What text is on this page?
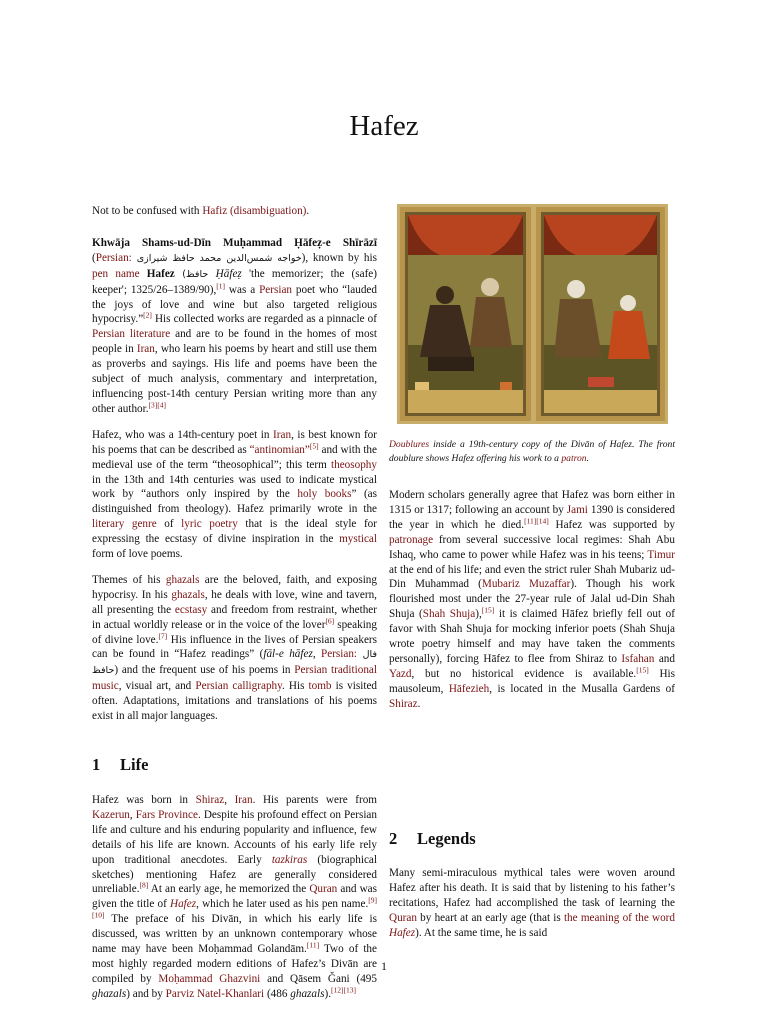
Hafez

Not to be confused with Hafiz (disambiguation).

Khwāja Shams-ud-Dīn Muḥammad Ḥāfeẓ-e Shīrāzī (Persian: خواجه شمس‌الدین محمد حافظ شیرازی), known by his pen name Hafez (حافظ Ḥāfeẓ 'the memorizer; the (safe) keeper'; 1325/26–1389/90),[1] was a Persian poet who “lauded the joys of love and wine but also targeted religious hypocrisy.”[2] His collected works are regarded as a pinnacle of Persian literature and are to be found in the homes of most people in Iran, who learn his poems by heart and still use them as proverbs and sayings. His life and poems have been the subject of much analysis, commentary and interpretation, influencing post-14th century Persian writing more than any other author.[3][4]

Hafez, who was a 14th-century poet in Iran, is best known for his poems that can be described as “antinomian”[5] and with the medieval use of the term “theosophical”; this term theosophy in the 13th and 14th centuries was used to indicate mystical work by “authors only inspired by the holy books” (as distinguished from theology). Hafez primarily wrote in the literary genre of lyric poetry that is the ideal style for expressing the ecstasy of divine inspiration in the mystical form of love poems.

Themes of his ghazals are the beloved, faith, and exposing hypocrisy. In his ghazals, he deals with love, wine and tavern, all presenting the ecstasy and freedom from restraint, whether in actual worldly release or in the voice of the lover[6] speaking of divine love.[7] His influence in the lives of Persian speakers can be found in “Hafez readings” (fāl-e hāfez, Persian: فال حافظ) and the frequent use of his poems in Persian traditional music, visual art, and Persian calligraphy. His tomb is visited often. Adaptations, imitations and translations of his poems exist in all major languages.

1 Life

Hafez was born in Shiraz, Iran. His parents were from Kazerun, Fars Province. Despite his profound effect on Persian life and culture and his enduring popularity and influence, few details of his life are known. Accounts of his early life rely upon traditional anecdotes. Early tazkiras (biographical sketches) mentioning Hafez are generally considered unreliable.[8] At an early age, he memorized the Quran and was given the title of Hafez, which he later used as his pen name.[9][10] The preface of his Divān, in which his early life is discussed, was written by an unknown contemporary whose name may have been Moḥammad Golandām.[11] Two of the most highly regarded modern editions of Hafez’s Divān are compiled by Moḥammad Ghazvini and Qāsem Ǧani (495 ghazals) and by Parviz Natel-Khanlari (486 ghazals).[12][13]

Doublures inside a 19th-century copy of the Divān of Hafez. The front doublure shows Hafez offering his work to a patron.

Modern scholars generally agree that Hafez was born either in 1315 or 1317; following an account by Jami 1390 is considered the year in which he died.[11][14] Hafez was supported by patronage from several successive local regimes: Shah Abu Ishaq, who came to power while Hafez was in his teens; Timur at the end of his life; and even the strict ruler Shah Mubariz ud-Din Muhammad (Mubariz Muzaffar). Though his work flourished most under the 27-year rule of Jalal ud-Din Shah Shuja (Shah Shuja),[15] it is claimed Hāfez briefly fell out of favor with Shah Shuja for mocking inferior poets (Shah Shuja wrote poetry himself and may have taken the comments personally), forcing Hāfez to flee from Shiraz to Isfahan and Yazd, but no historical evidence is available.[15] His mausoleum, Hāfezieh, is located in the Musalla Gardens of Shiraz.

2 Legends

Many semi-miraculous mythical tales were woven around Hafez after his death. It is said that by listening to his father’s recitations, Hafez had accomplished the task of learning the Quran by heart at an early age (that is the meaning of the word Hafez). At the same time, he is said

1
